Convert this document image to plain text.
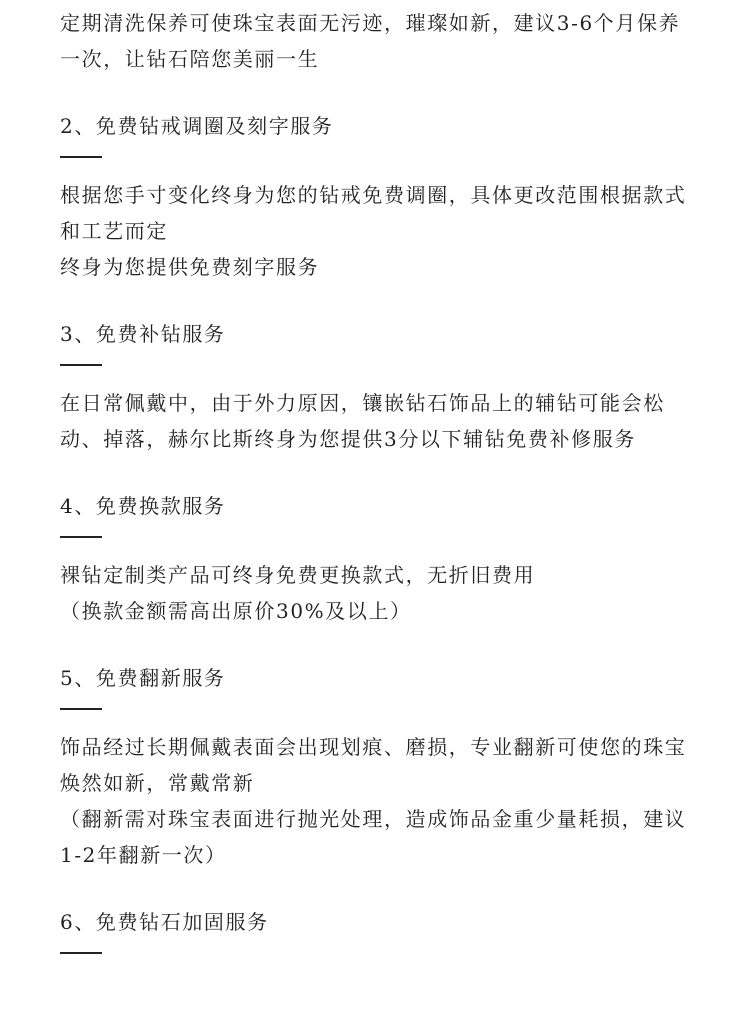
定期清洗保养可使珠宝表面无污迹，璀璨如新，建议3-6个月保养一次，让钻石陪您美丽一生

2、免费钻戒调圈及刻字服务

根据您手寸变化终身为您的钻戒免费调圈，具体更改范围根据款式和工艺而定

终身为您提供免费刻字服务

3、免费补钻服务

在日常佩戴中，由于外力原因，镶嵌钻石饰品上的辅钻可能会松动、掉落，赫尔比斯终身为您提供3分以下辅钻免费补修服务

4、免费换款服务

裸钻定制类产品可终身免费更换款式，无折旧费用

（换款金额需高出原价30%及以上）

5、免费翻新服务

饰品经过长期佩戴表面会出现划痕、磨损，专业翻新可使您的珠宝焕然如新，常戴常新

（翻新需对珠宝表面进行抛光处理，造成饰品金重少量耗损，建议1-2年翻新一次）

6、免费钻石加固服务
